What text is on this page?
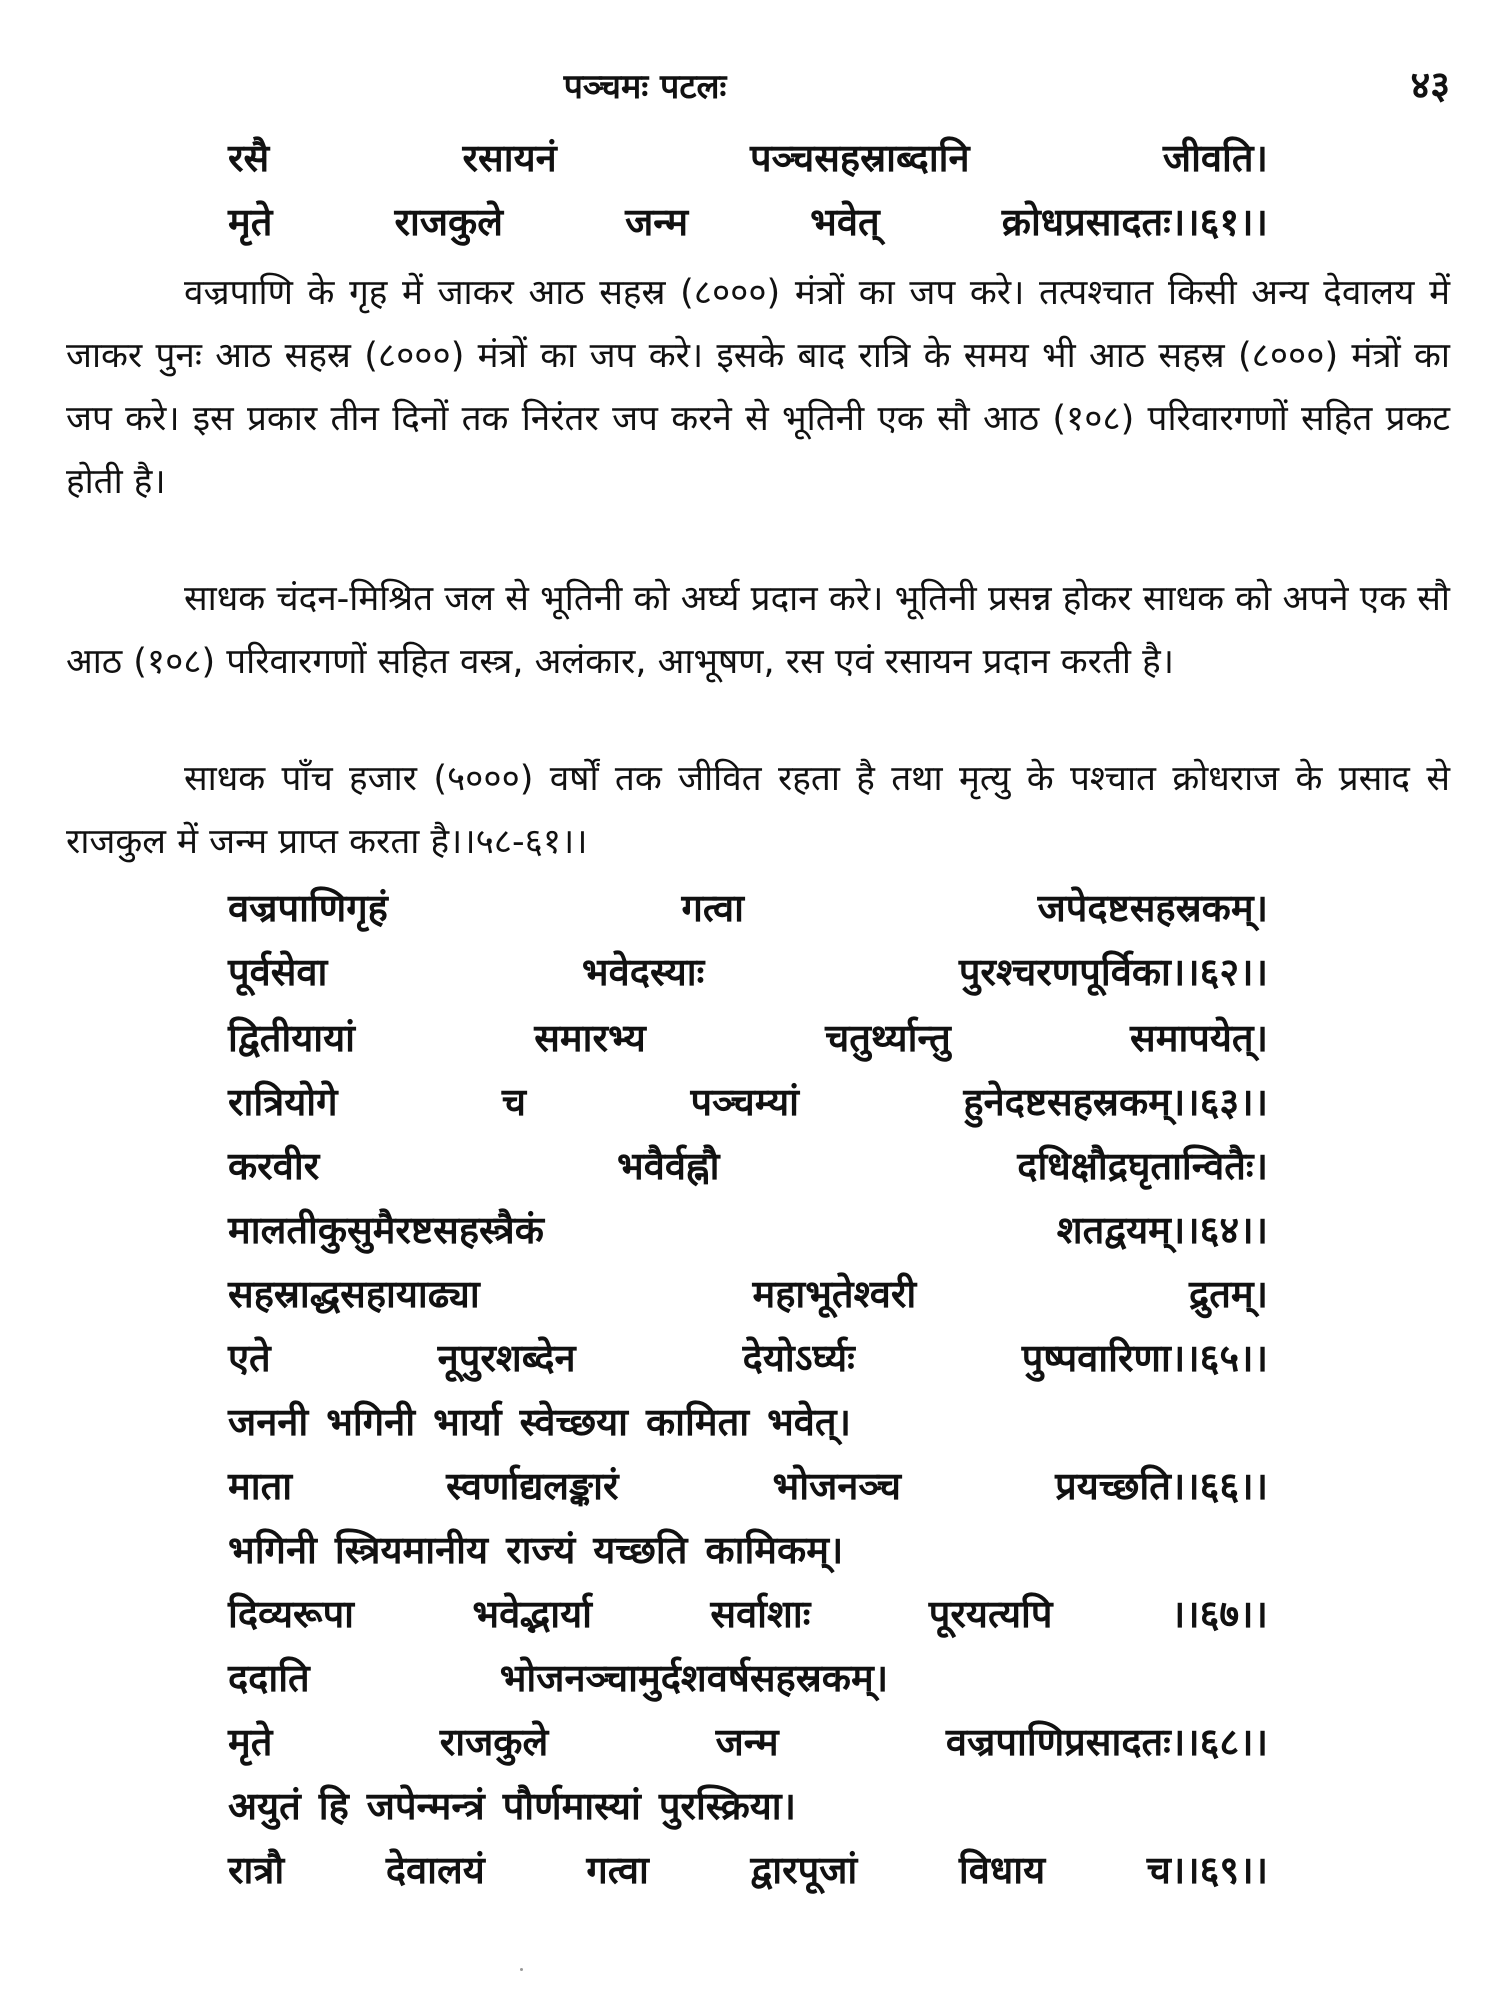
पञ्चमः पटलः	४३
रसै	रसायनं	पञ्चसहस्राब्दानि	जीवति।
मृते	राजकुले	जन्म	भवेत्	क्रोधप्रसादतः।।६१।।

वज्रपाणि के गृह में जाकर आठ सहस्र (८०००) मंत्रों का जप करे। तत्पश्चात किसी अन्य देवालय में जाकर पुनः आठ सहस्र (८०००) मंत्रों का जप करे। इसके बाद रात्रि के समय भी आठ सहस्र (८०००) मंत्रों का जप करे। इस प्रकार तीन दिनों तक निरंतर जप करने से भूतिनी एक सौ आठ (१०८) परिवारगणों सहित प्रकट होती है।

साधक चंदन-मिश्रित जल से भूतिनी को अर्घ्य प्रदान करे। भूतिनी प्रसन्न होकर साधक को अपने एक सौ आठ (१०८) परिवारगणों सहित वस्त्र, अलंकार, आभूषण, रस एवं रसायन प्रदान करती है।

साधक पाँच हजार (५०००) वर्षों तक जीवित रहता है तथा मृत्यु के पश्चात क्रोधराज के प्रसाद से राजकुल में जन्म प्राप्त करता है।।५८-६१।।

वज्रपाणिगृहं	गत्वा	जपेदष्टसहस्रकम्।
पूर्वसेवा	भवेदस्याः	पुरश्चरणपूर्विका।।६२।।
द्वितीयायां	समारभ्य	चतुर्थ्यान्तु	समापयेत्।
रात्रियोगे	च	पञ्चम्यां	हुनेदष्टसहस्रकम्।।६३।।
करवीर	भवैर्वह्नौ	दधिक्षौद्रघृतान्वितैः।
मालतीकुसुमैरष्टसहस्त्रैकं	शतद्वयम्।।६४।।
सहस्राद्धसहायाढ्या	महाभूतेश्वरी	द्रुतम्।
एते	नूपुरशब्देन	देयोऽर्घ्यः	पुष्पवारिणा।।६५।।
जननी भगिनी भार्या स्वेच्छया कामिता भवेत्।
माता	स्वर्णाद्यलङ्कारं	भोजनञ्च	प्रयच्छति।।६६।।
भगिनी स्त्रियमानीय राज्यं यच्छति कामिकम्।
दिव्यरूपा	भवेद्भार्या	सर्वाशाः	पूरयत्यपि	।।६७।।
ददाति	भोजनञ्चामुर्दशवर्षसहस्रकम्।
मृते	राजकुले	जन्म	वज्रपाणिप्रसादतः।।६८।।
अयुतं हि जपेन्मन्त्रं पौर्णमास्यां पुरस्क्रिया।
रात्रौ	देवालयं	गत्वा	द्वारपूजां	विधाय	च।।६९।।
